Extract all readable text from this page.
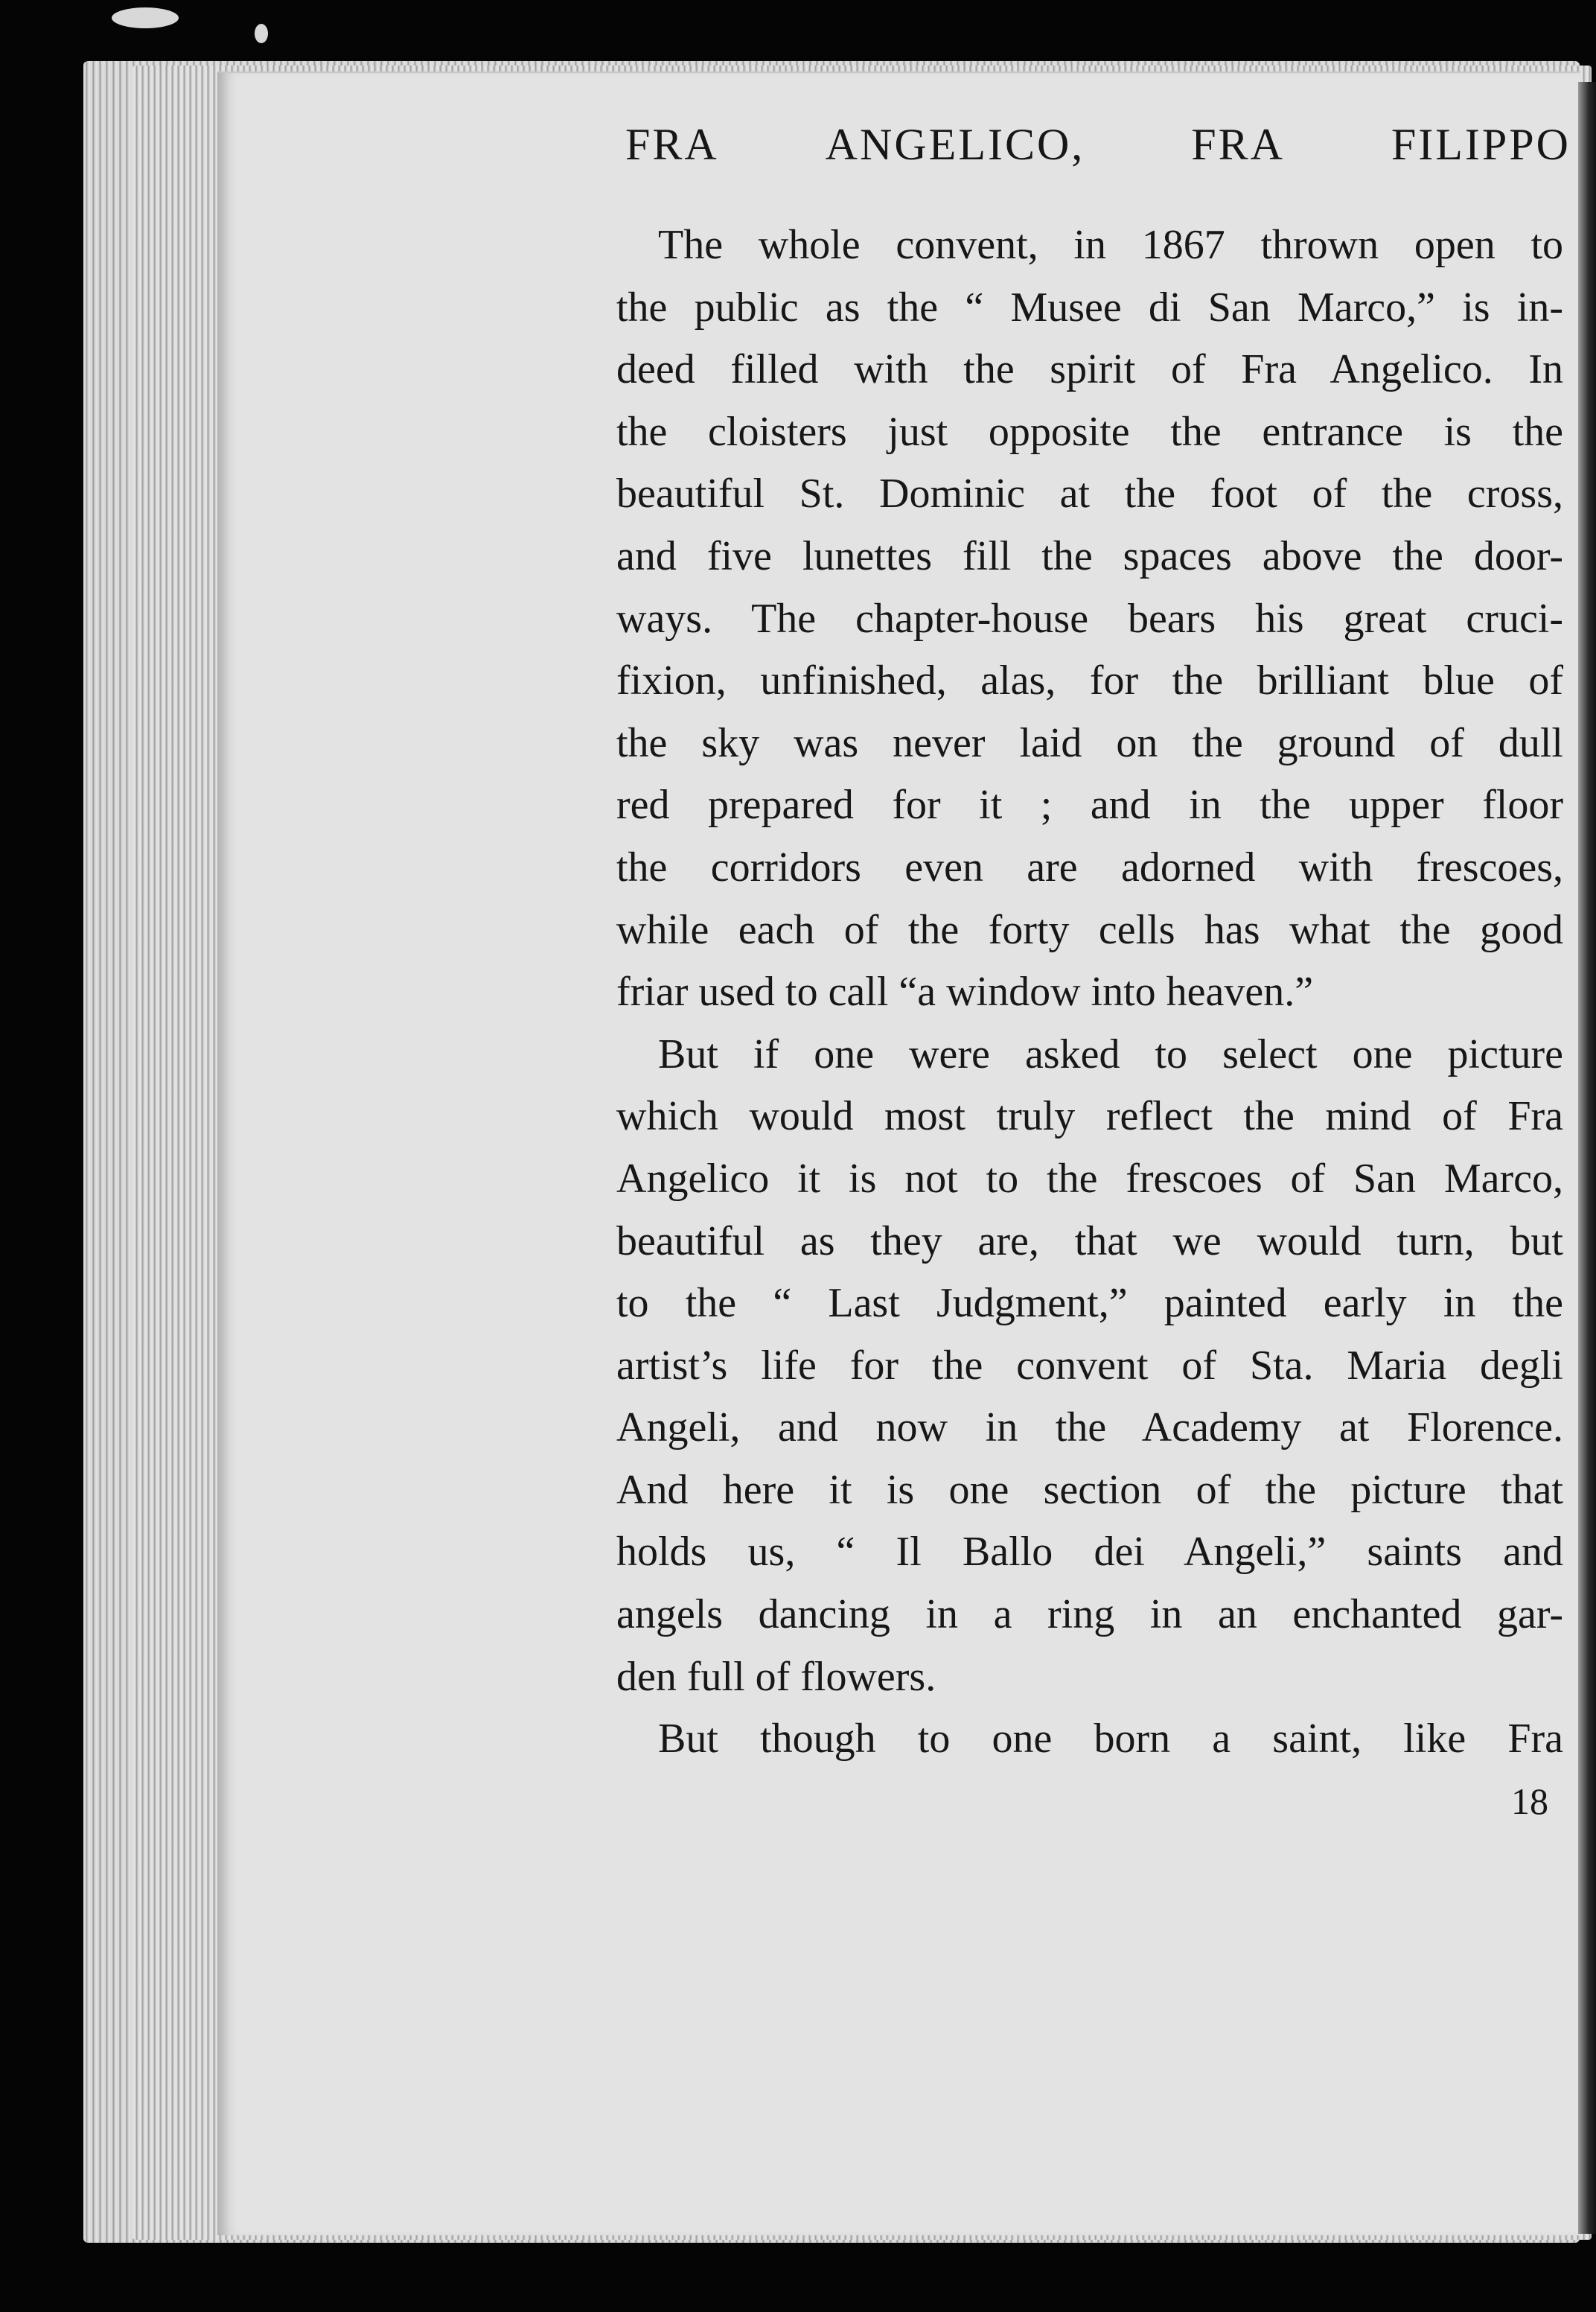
FRA ANGELICO, FRA FILIPPO
The whole convent, in 1867 thrown open to
the public as the “ Musee di San Marco,” is in-
deed filled with the spirit of Fra Angelico. In
the cloisters just opposite the entrance is the
beautiful St. Dominic at the foot of the cross,
and five lunettes fill the spaces above the door-
ways. The chapter-house bears his great cruci-
fixion, unfinished, alas, for the brilliant blue of
the sky was never laid on the ground of dull
red prepared for it ; and in the upper floor
the corridors even are adorned with frescoes,
while each of the forty cells has what the good
friar used to call “a window into heaven.”
But if one were asked to select one picture
which would most truly reflect the mind of Fra
Angelico it is not to the frescoes of San Marco,
beautiful as they are, that we would turn, but
to the “ Last Judgment,” painted early in the
artist’s life for the convent of Sta. Maria degli
Angeli, and now in the Academy at Florence.
And here it is one section of the picture that
holds us, “ Il Ballo dei Angeli,” saints and
angels dancing in a ring in an enchanted gar-
den full of flowers.
But though to one born a saint, like Fra
18
